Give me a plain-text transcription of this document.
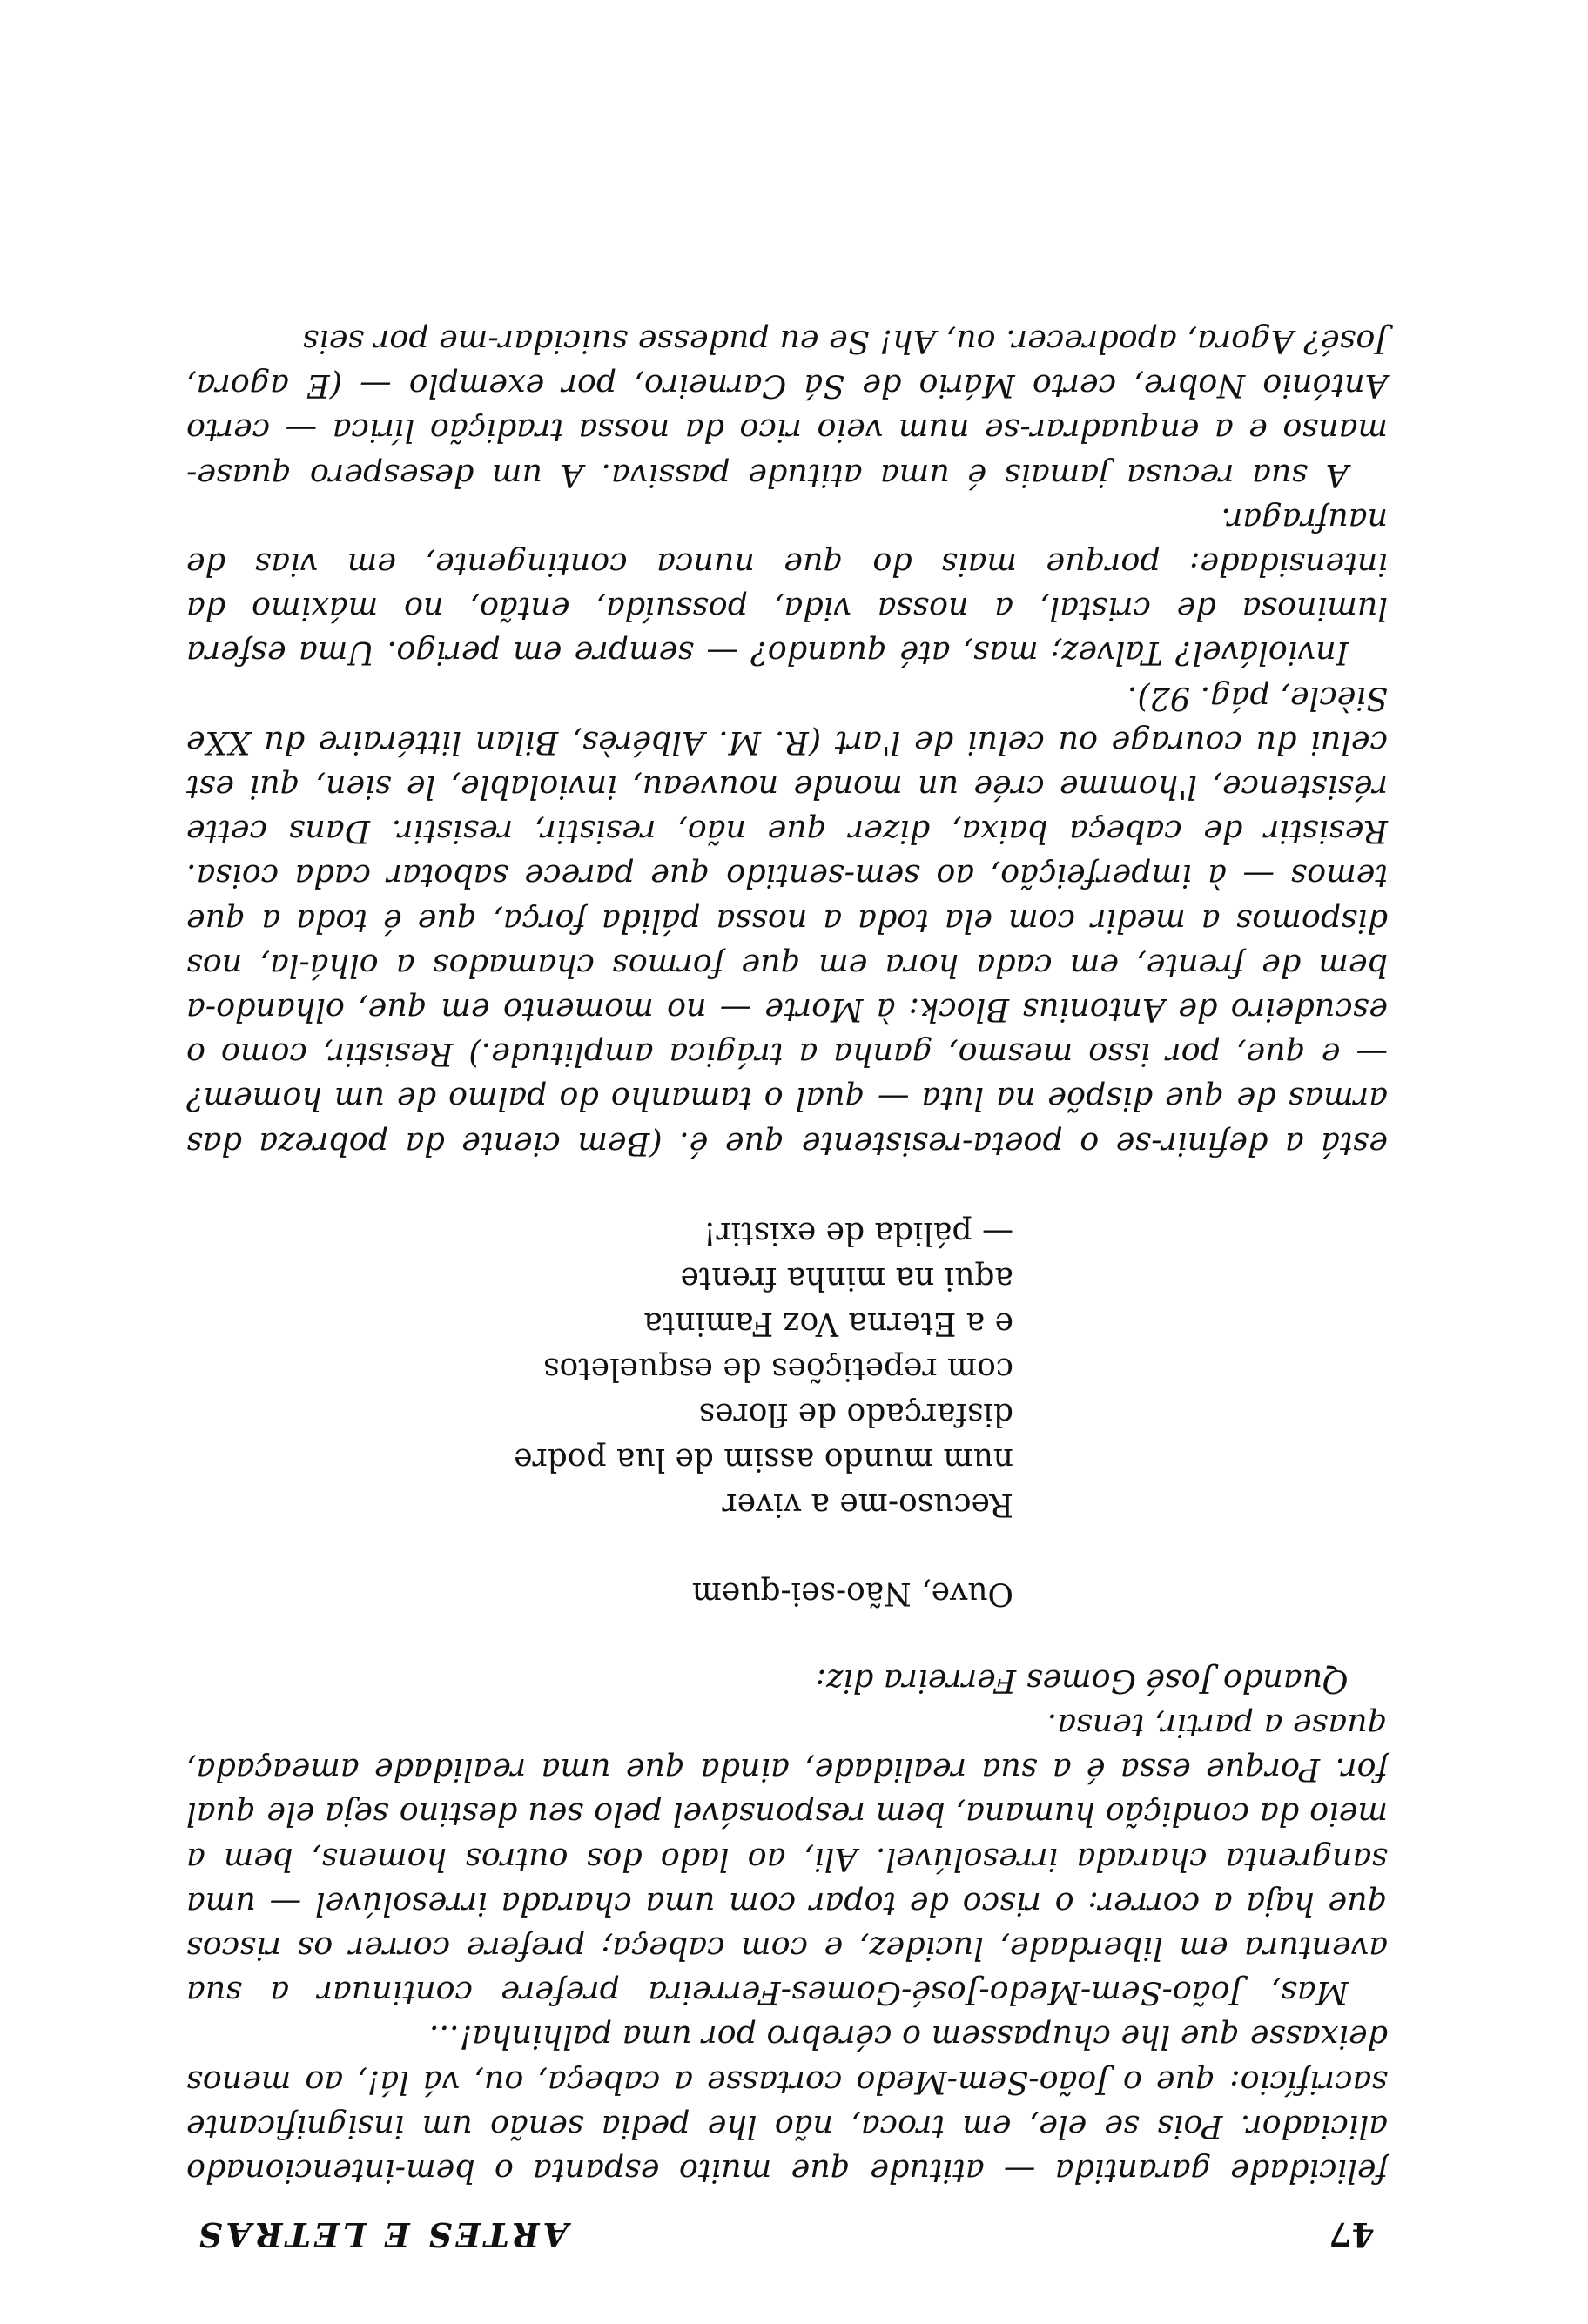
47
ARTES E LETRAS

felicidade garantida — atitude que muito espanta o bem-intencionado aliciador. Pois se ele, em troca, não lhe pedia senão um insignificante sacrifício: que o João-Sem-Medo cortasse a cabeça, ou, vá lá!, ao menos deixasse que lhe chupassem o cérebro por uma palhinha!...

Mas, João-Sem-Medo-José-Gomes-Ferreira prefere continuar a sua aventura em liberdade, lucidez, e com cabeça; prefere correr os riscos que haja a correr: o risco de topar com uma charada irresolúvel — uma sangrenta charada irresolúvel. Ali, ao lado dos outros homens, bem a meio da condição humana, bem responsável pelo seu destino seja ele qual for. Porque essa é a sua realidade, ainda que uma realidade ameaçada, quase a partir, tensa.

Quando José Gomes Ferreira diz:

Ouve, Não-sei-quem
Recuso-me a viver
num mundo assim de lua podre
disfarçado de flores
com repetições de esqueletos
e a Eterna Voz Faminta
aqui na minha frente
— pálida de existir!

está a definir-se o poeta-resistente que é. (Bem ciente da pobreza das armas de que dispõe na luta — qual o tamanho do palmo de um homem? — e que, por isso mesmo, ganha a trágica amplitude.) Resistir, como o escudeiro de Antonius Block: à Morte — no momento em que, olhando-a bem de frente, em cada hora em que formos chamados a olhá-la, nos dispomos a medir com ela toda a nossa pálida força, que é toda a que temos — à imperfeição, ao sem-sentido que parece sabotar cada coisa. Resistir de cabeça baixa, dizer que não, resistir, resistir. Dans cette résistence, l'homme crée un monde nouveau, inviolable, le sien, qui est celui du courage ou celui de l'art (R. M. Albérès, Bilan littéraire du XXe Siècle, pág. 92).

Inviolável? Talvez; mas, até quando? — sempre em perigo. Uma esfera luminosa de cristal, a nossa vida, possuída, então, no máximo da intensidade: porque mais do que nunca contingente, em vias de naufragar.

A sua recusa jamais é uma atitude passiva. A um desespero quase-manso e a enquadrar-se num veio rico da nossa tradição lírica — certo António Nobre, certo Mário de Sá Carneiro, por exemplo — (E agora, José? Agora, apodrecer. ou, Ah! Se eu pudesse suicidar-me por seis
